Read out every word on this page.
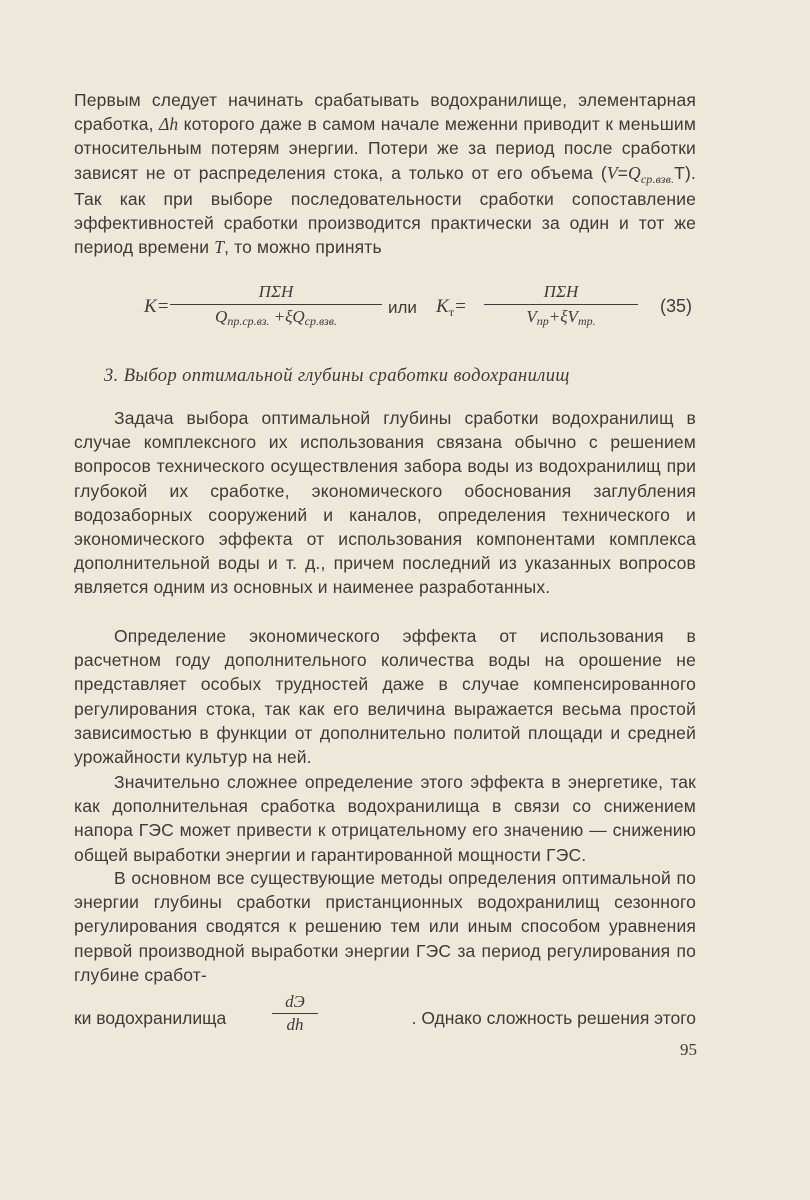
Первым следует начинать срабатывать водохранилище, элементарная сработка, Δh которого даже в самом начале меженни приводит к меньшим относительным потерям энергии. Потери же за период после сработки зависят не от распределения стока, а только от его объема $(V=Q_{ср.взв.}T)$. Так как при выборе последовательности сработки сопоставление эффективностей сработки производится практически за один и тот же период времени T, то можно принять
K=
ПΣH
Qпр.ср.вз. +ξQср.взв.
или $K_т=$
ПΣH
Vпр+ξVтр.
(35)
3. Выбор оптимальной глубины сработки водохранилищ
Задача выбора оптимальной глубины сработки водохранилищ в случае комплексного их использования связана обычно с решением вопросов технического осуществления забора воды из водохранилищ при глубокой их сработке, экономического обоснования заглубления водозаборных сооружений и каналов, определения технического и экономического эффекта от использования компонентами комплекса дополнительной воды и т. д., причем последний из указанных вопросов является одним из основных и наименее разработанных.
Определение экономического эффекта от использования в расчетном году дополнительного количества воды на орошение не представляет особых трудностей даже в случае компенсированного регулирования стока, так как его величина выражается весьма простой зависимостью в функции от дополнительно политой площади и средней урожайности культур на ней.
Значительно сложнее определение этого эффекта в энергетике, так как дополнительная сработка водохранилища в связи со снижением напора ГЭС может привести к отрицательному его значению — снижению общей выработки энергии и гарантированной мощности ГЭС.
В основном все существующие методы определения оптимальной по энергии глубины сработки пристанционных водохранилищ сезонного регулирования сводятся к решению тем или иным способом уравнения первой производной выработки энергии ГЭС за период регулирования по глубине сработ-
ки водохранилища
dЭ
dh	. Однако сложность решения этого
95
